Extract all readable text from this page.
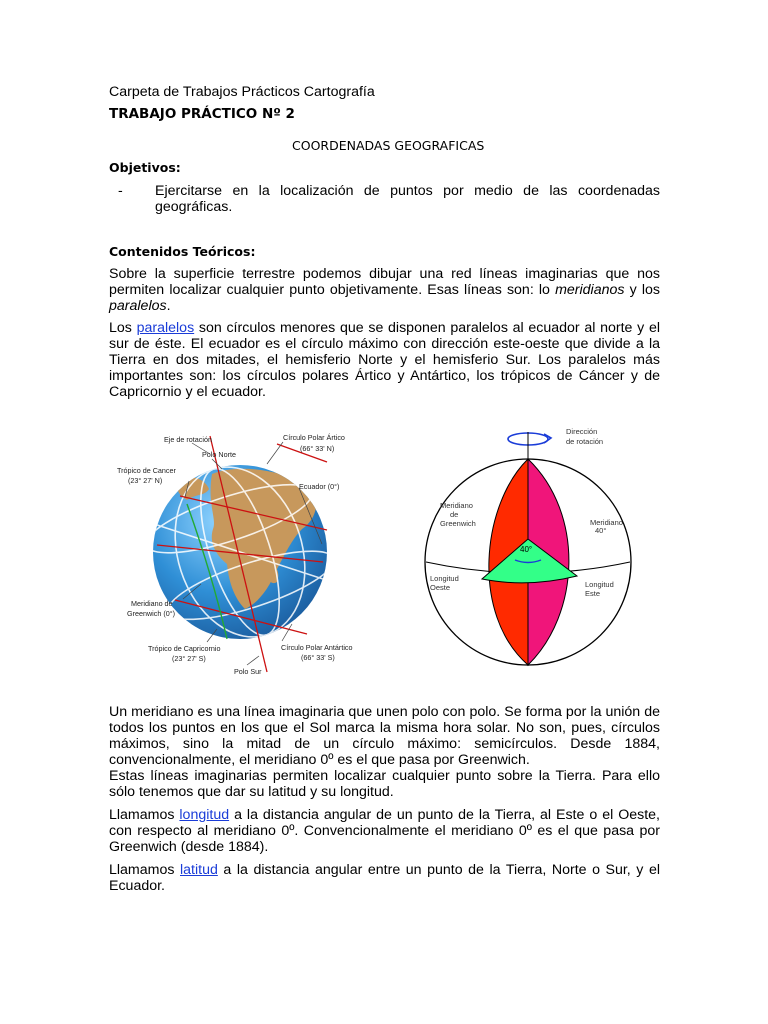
Carpeta de Trabajos Prácticos Cartografía
TRABAJO PRÁCTICO Nº 2
COORDENADAS GEOGRAFICAS
Objetivos:
- Ejercitarse en la localización de puntos por medio de las coordenadas geográficas.
Contenidos Teóricos:
Sobre la superficie terrestre podemos dibujar una red líneas imaginarias que nos permiten localizar cualquier punto objetivamente. Esas líneas son: lo meridianos y los paralelos.
Los paralelos son círculos menores que se disponen paralelos al ecuador al norte y el sur de éste. El ecuador es el círculo máximo con dirección este-oeste que divide a la Tierra en dos mitades, el hemisferio Norte y el hemisferio Sur. Los paralelos más importantes son: los círculos polares Ártico y Antártico, los trópicos de Cáncer y de Capricornio y el ecuador.
Eje de rotación
Polo Norte
Círculo Polar Ártico
(66° 33' N)
Trópico de Cancer
(23° 27' N)
Ecuador (0°)
Meridiano de
Greenwich (0°)
Trópico de Capricornio
(23° 27' S)
Círculo Polar Antártico
(66° 33' S)
Polo Sur
Dirección
de rotación
Meridiano
de
Greenwich	Meridiano
40°
40°
Longitud
Oeste	Longitud
Este
Un meridiano es una línea imaginaria que unen polo con polo. Se forma por la unión de todos los puntos en los que el Sol marca la misma hora solar. No son, pues, círculos máximos, sino la mitad de un círculo máximo: semicírculos. Desde 1884, convencionalmente, el meridiano 0º es el que pasa por Greenwich.
Estas líneas imaginarias permiten localizar cualquier punto sobre la Tierra. Para ello sólo tenemos que dar su latitud y su longitud.
Llamamos longitud a la distancia angular de un punto de la Tierra, al Este o el Oeste, con respecto al meridiano 0º. Convencionalmente el meridiano 0º es el que pasa por Greenwich (desde 1884).
Llamamos latitud a la distancia angular entre un punto de la Tierra, Norte o Sur, y el Ecuador.
